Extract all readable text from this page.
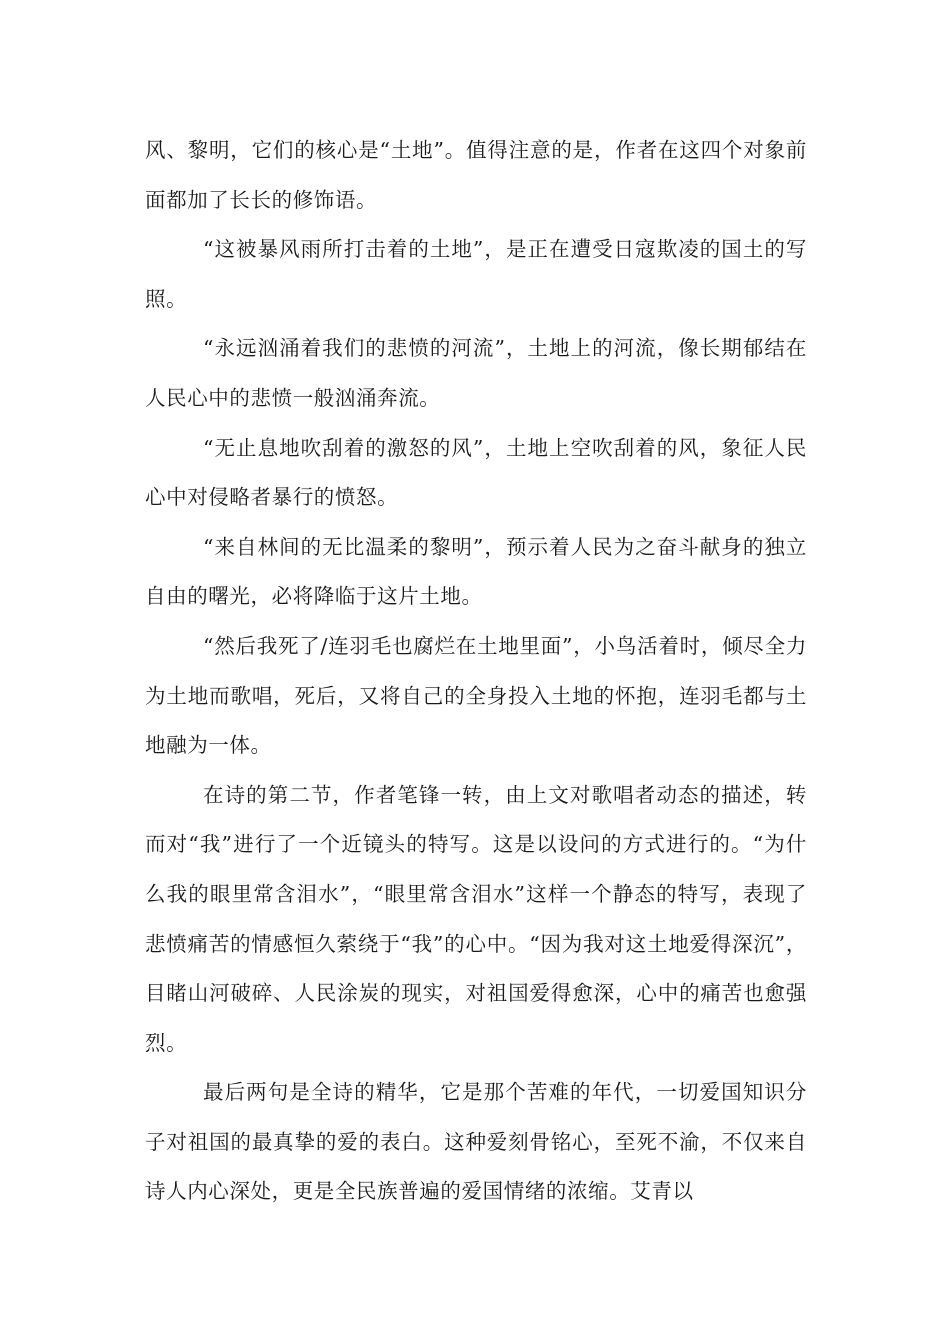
风、黎明，它们的核心是“土地”。值得注意的是，作者在这四个对象前面都加了长长的修饰语。

“这被暴风雨所打击着的土地”，是正在遭受日寇欺凌的国土的写照。

“永远汹涌着我们的悲愤的河流”，土地上的河流，像长期郁结在人民心中的悲愤一般汹涌奔流。

“无止息地吹刮着的激怒的风”，土地上空吹刮着的风，象征人民心中对侵略者暴行的愤怒。

“来自林间的无比温柔的黎明”，预示着人民为之奋斗献身的独立自由的曙光，必将降临于这片土地。

“然后我死了/连羽毛也腐烂在土地里面”，小鸟活着时，倾尽全力为土地而歌唱，死后，又将自己的全身投入土地的怀抱，连羽毛都与土地融为一体。

在诗的第二节，作者笔锋一转，由上文对歌唱者动态的描述，转而对“我”进行了一个近镜头的特写。这是以设问的方式进行的。“为什么我的眼里常含泪水”，“眼里常含泪水”这样一个静态的特写，表现了悲愤痛苦的情感恒久萦绕于“我”的心中。“因为我对这土地爱得深沉”，目睹山河破碎、人民涂炭的现实，对祖国爱得愈深，心中的痛苦也愈强烈。

最后两句是全诗的精华，它是那个苦难的年代，一切爱国知识分子对祖国的最真挚的爱的表白。这种爱刻骨铭心，至死不渝，不仅来自诗人内心深处，更是全民族普遍的爱国情绪的浓缩。艾青以
